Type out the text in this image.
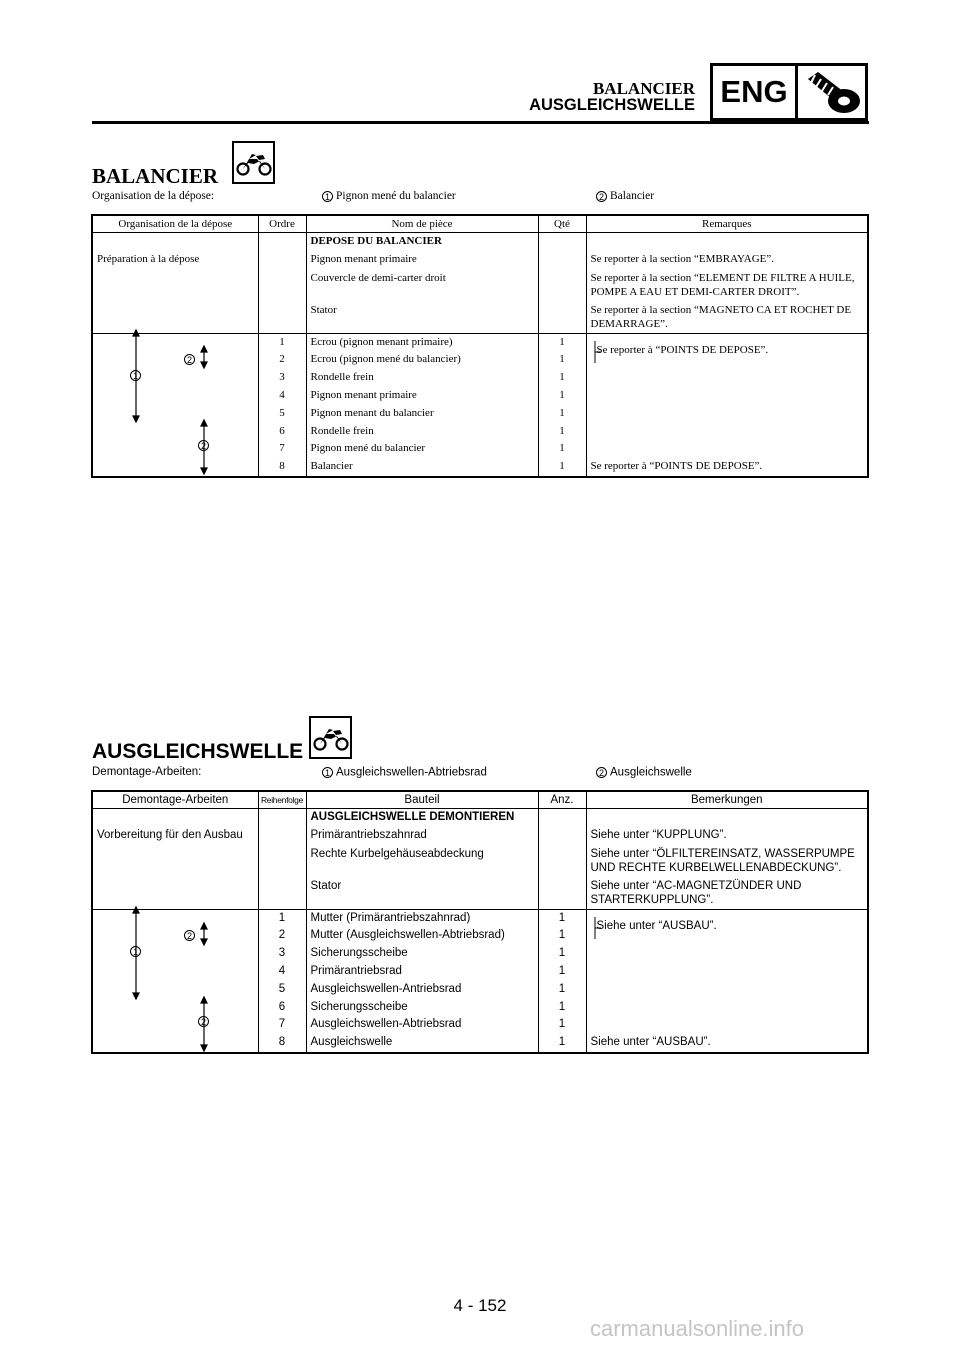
BALANCIER
AUSGLEICHSWELLE ENG
BALANCIER
Organisation de la dépose:	1 Pignon mené du balancier	2 Balancier
Organisation de la dépose	Ordre	Nom de pièce	Qté	Remarques
		DEPOSE DU BALANCIER		
Préparation à la dépose		Pignon menant primaire		Se reporter à la section “EMBRAYAGE”.
		Couvercle de demi-carter droit		Se reporter à la section “ELEMENT DE FILTRE A HUILE, POMPE A EAU ET DEMI-CARTER DROIT”.
		Stator		Se reporter à la section “MAGNETO CA ET ROCHET DE DEMARRAGE”.
	1	Ecrou (pignon menant primaire)	1	Se reporter à “POINTS DE DEPOSE”.
	2	Ecrou (pignon mené du balancier)	1	
	3	Rondelle frein	1	
	4	Pignon menant primaire	1	
	5	Pignon menant du balancier	1	
	6	Rondelle frein	1	
	7	Pignon mené du balancier	1	
	8	Balancier	1	Se reporter à “POINTS DE DEPOSE”.
2
1
2
AUSGLEICHSWELLE
Demontage-Arbeiten:	1 Ausgleichswellen-Abtriebsrad	2 Ausgleichswelle
Demontage-Arbeiten	Reihenfolge	Bauteil	Anz.	Bemerkungen
		AUSGLEICHSWELLE DEMONTIEREN		
Vorbereitung für den Ausbau		Primärantriebszahnrad		Siehe unter “KUPPLUNG”.
		Rechte Kurbelgehäuseabdeckung		Siehe unter “ÖLFILTEREINSATZ, WASSERPUMPE UND RECHTE KURBELWELLENABDECKUNG”.
		Stator		Siehe unter “AC-MAGNETZÜNDER UND STARTERKUPPLUNG”.
	1	Mutter (Primärantriebszahnrad)	1	Siehe unter “AUSBAU”.
	2	Mutter (Ausgleichswellen-Abtriebsrad)	1	
	3	Sicherungsscheibe	1	
	4	Primärantriebsrad	1	
	5	Ausgleichswellen-Antriebsrad	1	
	6	Sicherungsscheibe	1	
	7	Ausgleichswellen-Abtriebsrad	1	
	8	Ausgleichswelle	1	Siehe unter “AUSBAU”.
2
1
2
4 - 152
carmanualsonline.info
